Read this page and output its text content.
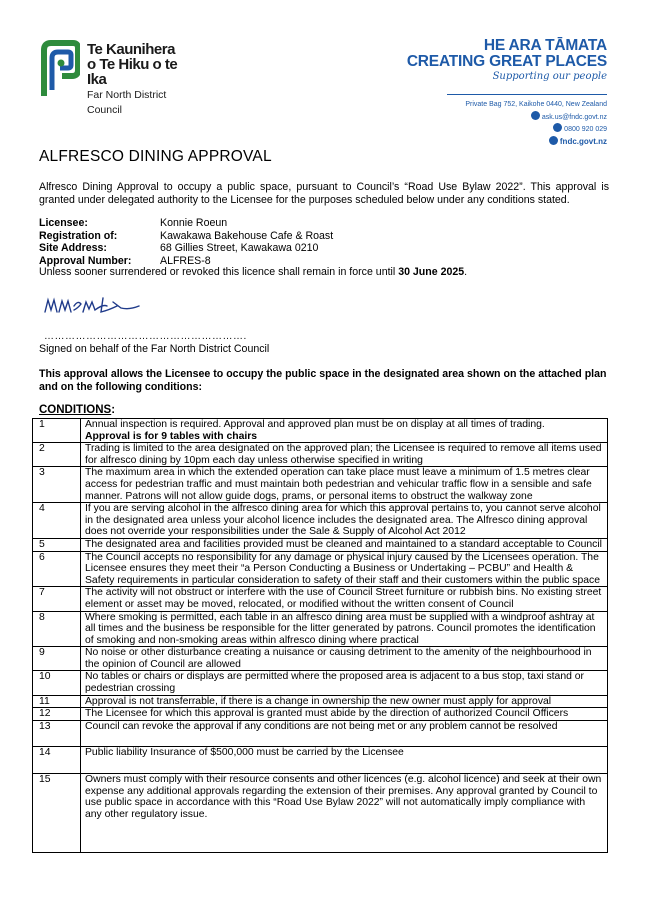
Te Kaunihera
o Te Hiku o te Ika
Far North District Council
HE ARA TĀMATA
CREATING GREAT PLACES
Supporting our people
Private Bag 752, Kaikohe 0440, New Zealand
ask.us@fndc.govt.nz
0800 920 029
fndc.govt.nz
ALFRESCO DINING APPROVAL
Alfresco Dining Approval to occupy a public space, pursuant to Council’s “Road Use Bylaw 2022”. This approval is granted under delegated authority to the Licensee for the purposes scheduled below under any conditions stated.
Licensee:	Konnie Roeun
Registration of:	Kawakawa Bakehouse Cafe & Roast
Site Address:	68 Gillies Street, Kawakawa 0210
Approval Number:	ALFRES-8
Unless sooner surrendered or revoked this licence shall remain in force until 30 June 2025.
………………………………………………….
Signed on behalf of the Far North District Council
This approval allows the Licensee to occupy the public space in the designated area shown on the attached plan and on the following conditions:
CONDITIONS:
1	Annual inspection is required. Approval and approved plan must be on display at all times of trading.
Approval is for 9 tables with chairs
2	Trading is limited to the area designated on the approved plan; the Licensee is required to remove all items used for alfresco dining by 10pm each day unless otherwise specified in writing
3	The maximum area in which the extended operation can take place must leave a minimum of 1.5 metres clear access for pedestrian traffic and must maintain both pedestrian and vehicular traffic flow in a sensible and safe manner. Patrons will not allow guide dogs, prams, or personal items to obstruct the walkway zone
4	If you are serving alcohol in the alfresco dining area for which this approval pertains to, you cannot serve alcohol in the designated area unless your alcohol licence includes the designated area. The Alfresco dining approval does not override your responsibilities under the Sale & Supply of Alcohol Act 2012
5	The designated area and facilities provided must be cleaned and maintained to a standard acceptable to Council
6	The Council accepts no responsibility for any damage or physical injury caused by the Licensees operation. The Licensee ensures they meet their “a Person Conducting a Business or Undertaking – PCBU” and Health & Safety requirements in particular consideration to safety of their staff and their customers within the public space
7	The activity will not obstruct or interfere with the use of Council Street furniture or rubbish bins. No existing street element or asset may be moved, relocated, or modified without the written consent of Council
8	Where smoking is permitted, each table in an alfresco dining area must be supplied with a windproof ashtray at all times and the business be responsible for the litter generated by patrons. Council promotes the identification of smoking and non-smoking areas within alfresco dining where practical
9	No noise or other disturbance creating a nuisance or causing detriment to the amenity of the neighbourhood in the opinion of Council are allowed
10	No tables or chairs or displays are permitted where the proposed area is adjacent to a bus stop, taxi stand or pedestrian crossing
11	Approval is not transferrable, if there is a change in ownership the new owner must apply for approval
12	The Licensee for which this approval is granted must abide by the direction of authorized Council Officers
13	Council can revoke the approval if any conditions are not being met or any problem cannot be resolved
14	Public liability Insurance of $500,000 must be carried by the Licensee
15	Owners must comply with their resource consents and other licences (e.g. alcohol licence) and seek at their own expense any additional approvals regarding the extension of their premises. Any approval granted by Council to use public space in accordance with this “Road Use Bylaw 2022” will not automatically imply compliance with any other regulatory issue.
